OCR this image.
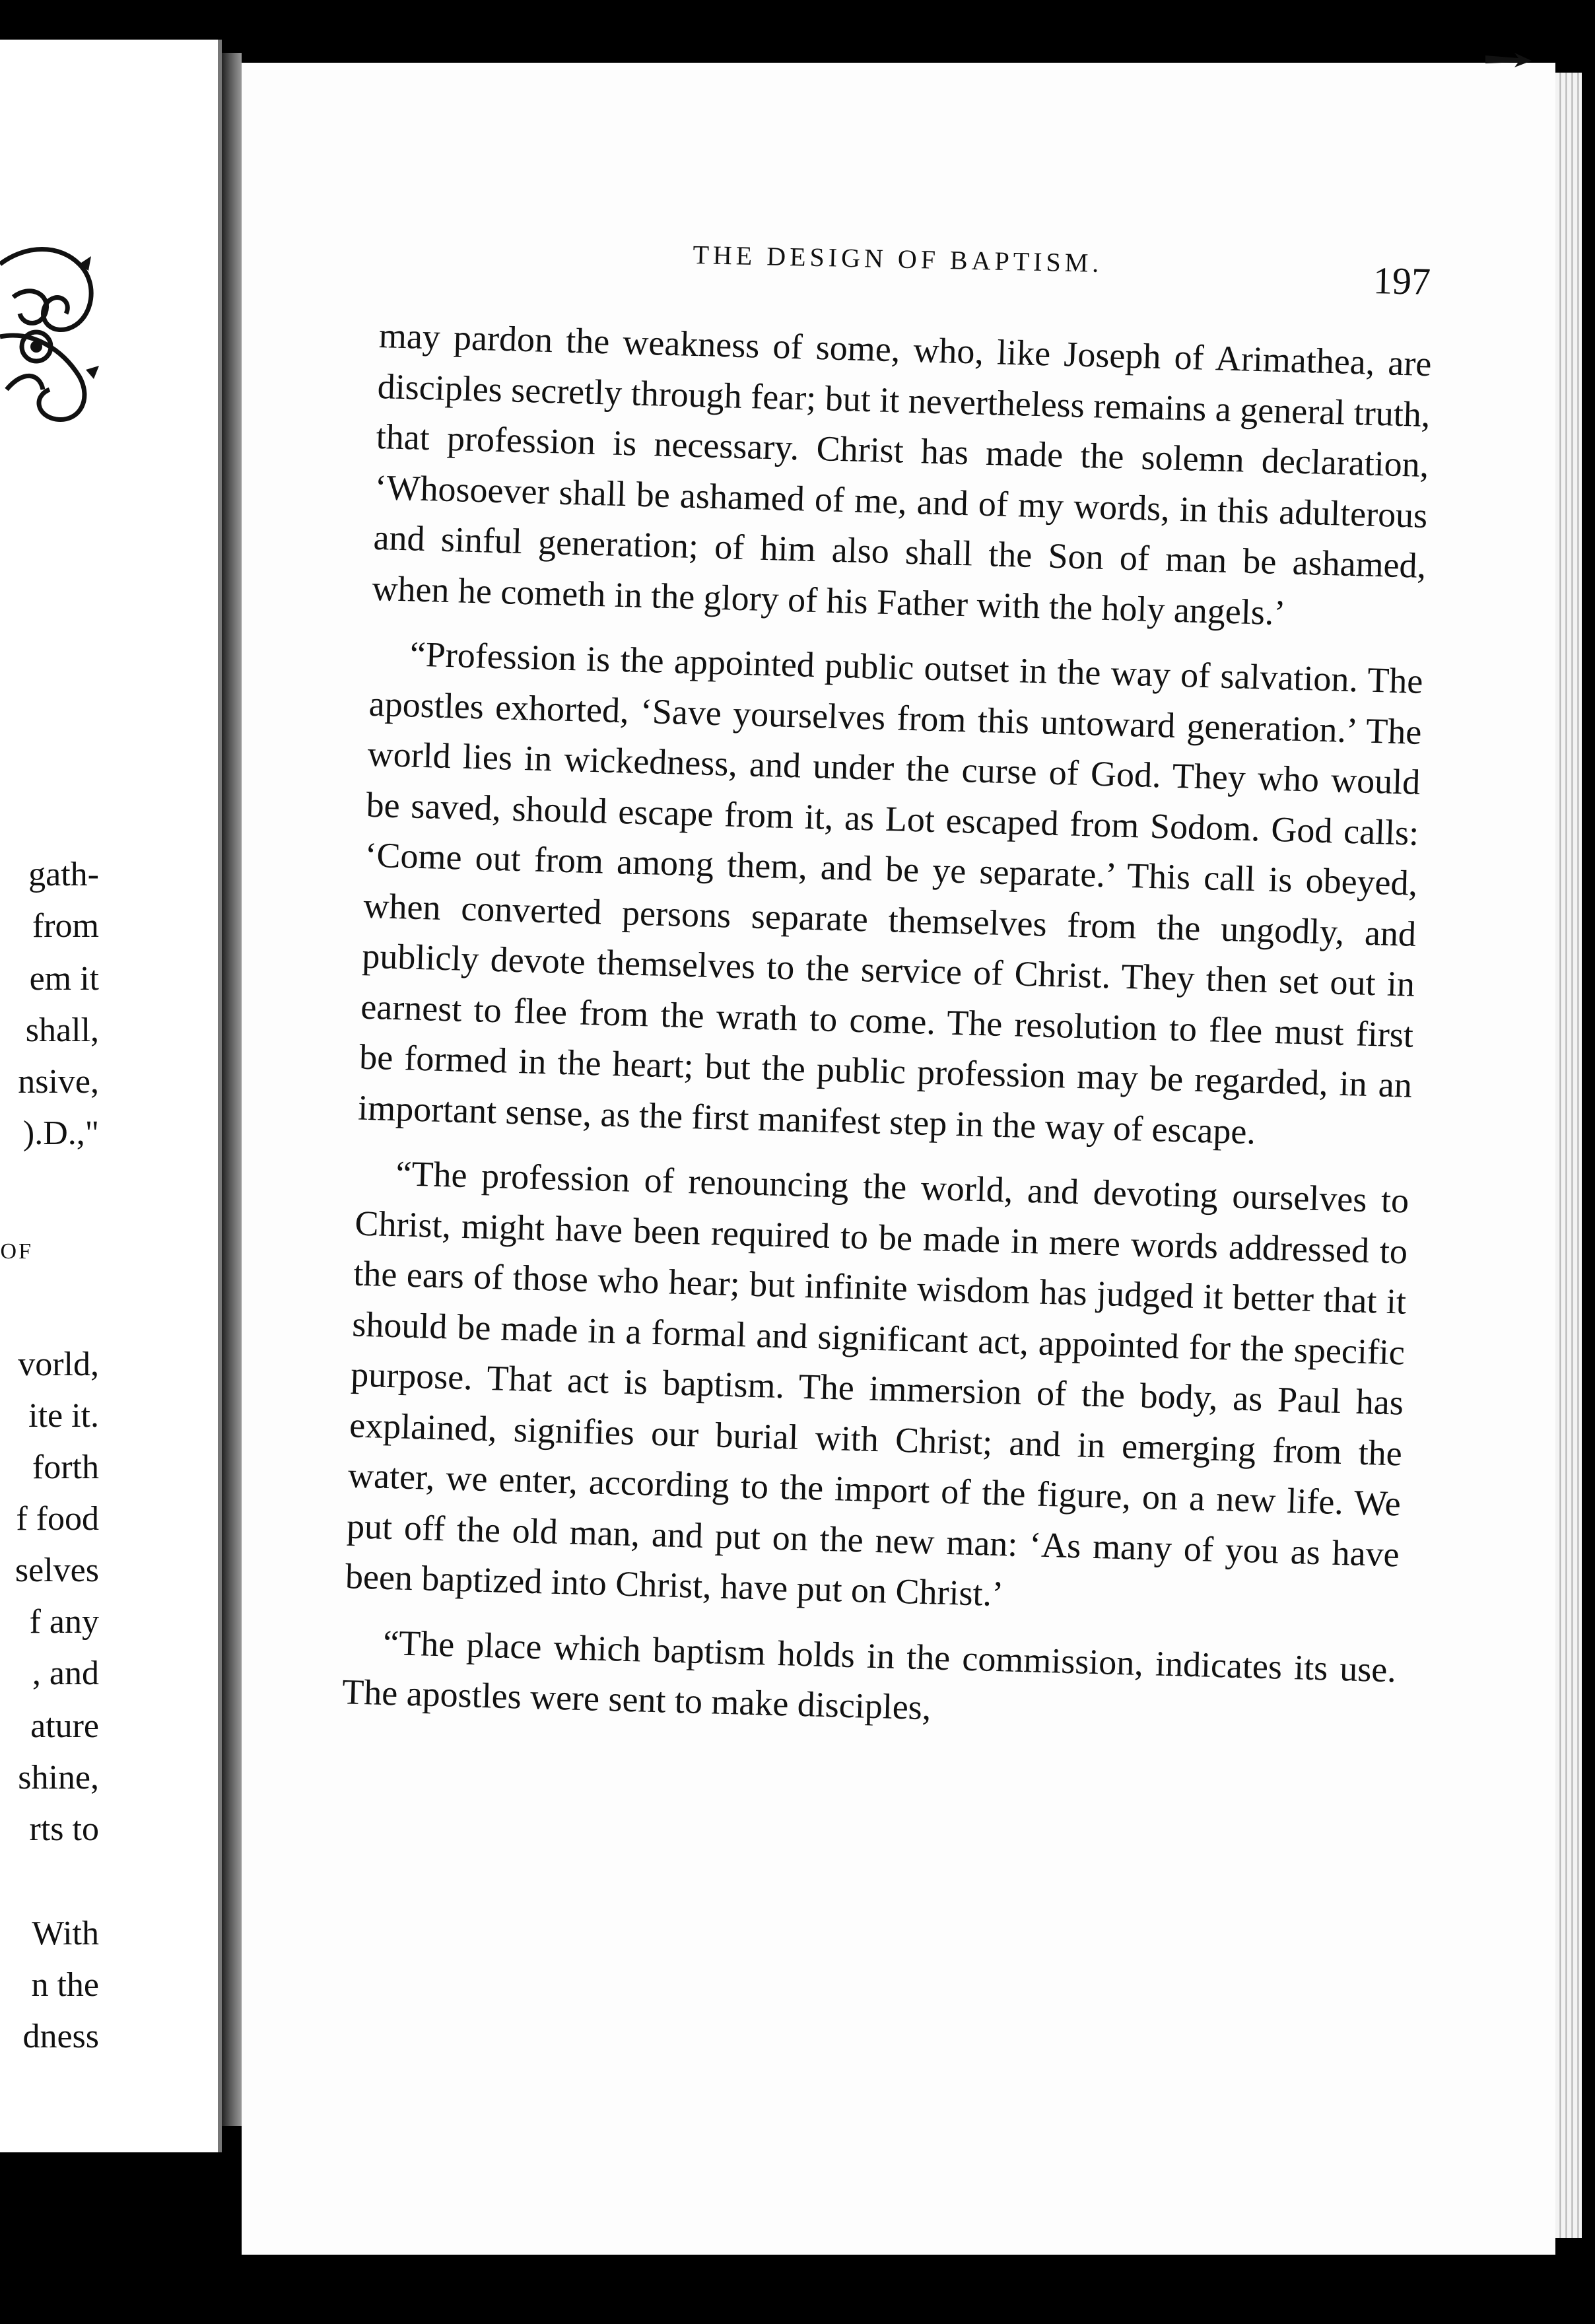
gath-
from
em it
shall,
nsive,
).D.,"
OF
vorld,
ite it.
forth
f food
selves
f any
, and
ature
shine,
rts to
With
n the
dness
THE DESIGN OF BAPTISM.
197

may pardon the weakness of some, who, like Joseph of Arimathea, are disciples secretly through fear; but it nevertheless remains a general truth, that profession is necessary. Christ has made the solemn declaration, ‘Whosoever shall be ashamed of me, and of my words, in this adulterous and sinful generation; of him also shall the Son of man be ashamed, when he cometh in the glory of his Father with the holy angels.’

“Profession is the appointed public outset in the way of salvation. The apostles exhorted, ‘Save yourselves from this untoward generation.’ The world lies in wickedness, and under the curse of God. They who would be saved, should escape from it, as Lot escaped from Sodom. God calls: ‘Come out from among them, and be ye separate.’ This call is obeyed, when converted persons separate themselves from the ungodly, and publicly devote themselves to the service of Christ. They then set out in earnest to flee from the wrath to come. The resolution to flee must first be formed in the heart; but the public profession may be regarded, in an important sense, as the first manifest step in the way of escape.

“The profession of renouncing the world, and devoting ourselves to Christ, might have been required to be made in mere words addressed to the ears of those who hear; but infinite wisdom has judged it better that it should be made in a formal and significant act, appointed for the specific purpose. That act is baptism. The immersion of the body, as Paul has explained, signifies our burial with Christ; and in emerging from the water, we enter, according to the import of the figure, on a new life. We put off the old man, and put on the new man: ‘As many of you as have been baptized into Christ, have put on Christ.’

“The place which baptism holds in the commission, indicates its use. The apostles were sent to make disciples,
